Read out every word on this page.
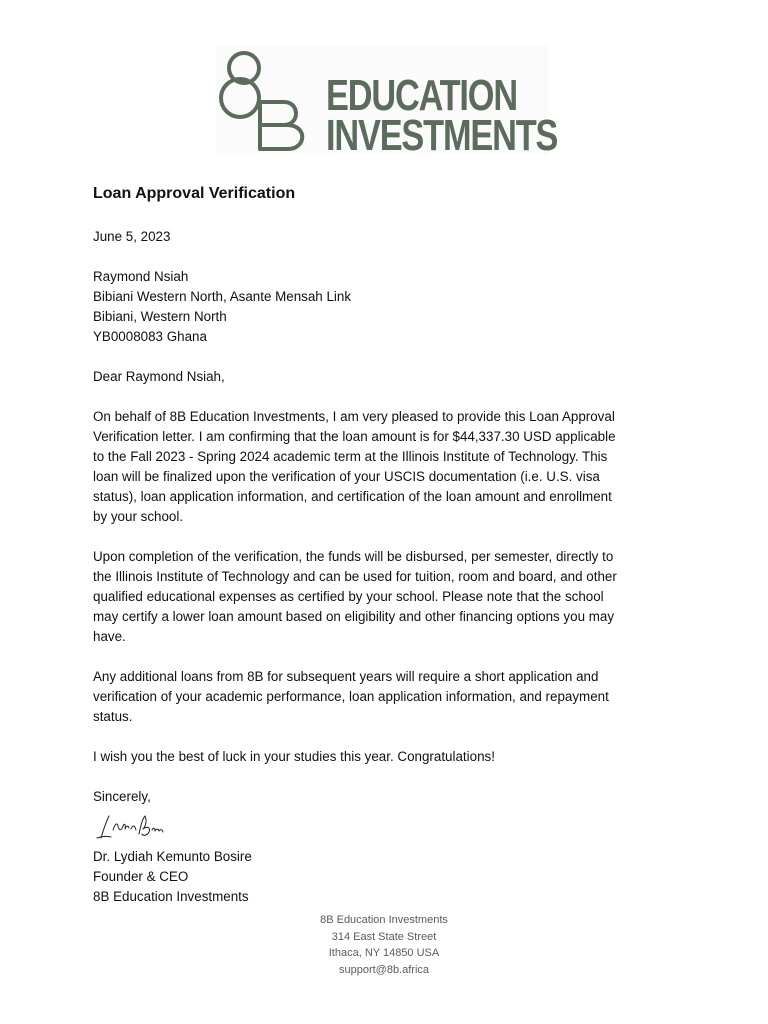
EDUCATION
INVESTMENTS
Loan Approval Verification
June 5, 2023
Raymond Nsiah
Bibiani Western North, Asante Mensah Link
Bibiani, Western North
YB0008083 Ghana
Dear Raymond Nsiah,
On behalf of 8B Education Investments, I am very pleased to provide this Loan Approval
Verification letter. I am confirming that the loan amount is for $44,337.30 USD applicable
to the Fall 2023 - Spring 2024 academic term at the Illinois Institute of Technology. This
loan will be finalized upon the verification of your USCIS documentation (i.e. U.S. visa
status), loan application information, and certification of the loan amount and enrollment
by your school.
Upon completion of the verification, the funds will be disbursed, per semester, directly to
the Illinois Institute of Technology and can be used for tuition, room and board, and other
qualified educational expenses as certified by your school. Please note that the school
may certify a lower loan amount based on eligibility and other financing options you may
have.
Any additional loans from 8B for subsequent years will require a short application and
verification of your academic performance, loan application information, and repayment
status.
I wish you the best of luck in your studies this year. Congratulations!
Sincerely,
Dr. Lydiah Kemunto Bosire
Founder & CEO
8B Education Investments
8B Education Investments
314 East State Street
Ithaca, NY 14850 USA
support@8b.africa
